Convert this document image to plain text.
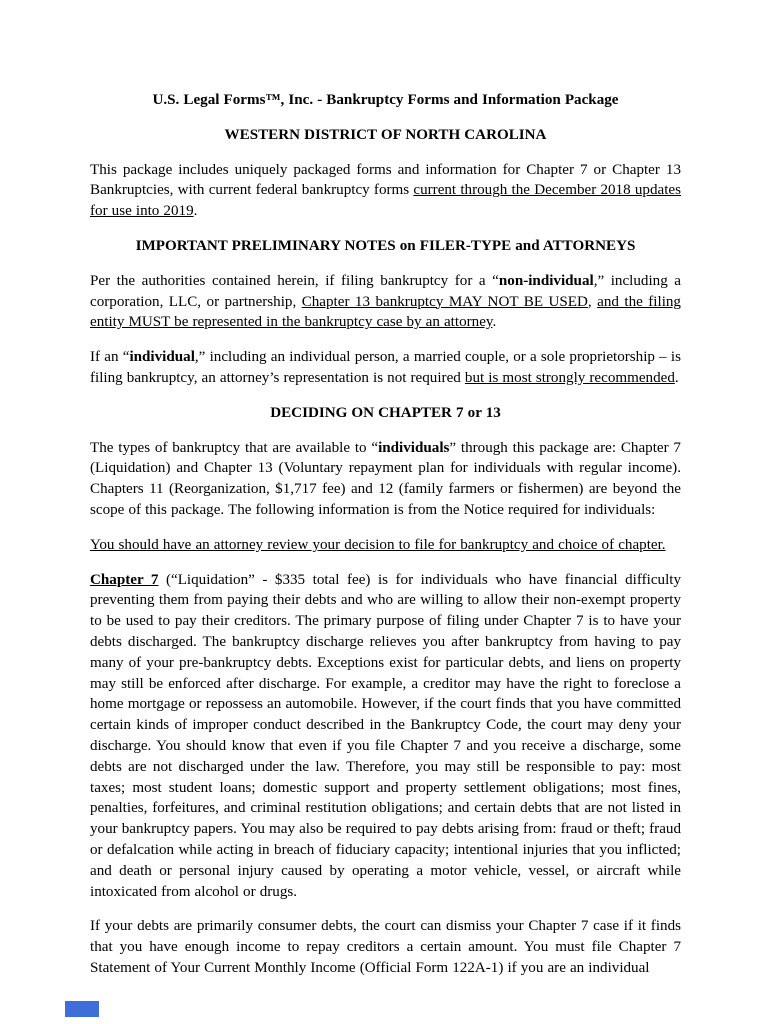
U.S. Legal Forms™, Inc. - Bankruptcy Forms and Information Package
WESTERN DISTRICT OF NORTH CAROLINA
This package includes uniquely packaged forms and information for Chapter 7 or Chapter 13 Bankruptcies, with current federal bankruptcy forms current through the December 2018 updates for use into 2019.
IMPORTANT PRELIMINARY NOTES on FILER-TYPE and ATTORNEYS
Per the authorities contained herein, if filing bankruptcy for a “non-individual,” including a corporation, LLC, or partnership, Chapter 13 bankruptcy MAY NOT BE USED, and the filing entity MUST be represented in the bankruptcy case by an attorney.
If an “individual,” including an individual person, a married couple, or a sole proprietorship – is filing bankruptcy, an attorney’s representation is not required but is most strongly recommended.
DECIDING ON CHAPTER 7 or 13
The types of bankruptcy that are available to “individuals” through this package are: Chapter 7 (Liquidation) and Chapter 13 (Voluntary repayment plan for individuals with regular income). Chapters 11 (Reorganization, $1,717 fee) and 12 (family farmers or fishermen) are beyond the scope of this package. The following information is from the Notice required for individuals:
You should have an attorney review your decision to file for bankruptcy and choice of chapter.
Chapter 7 (“Liquidation” - $335 total fee) is for individuals who have financial difficulty preventing them from paying their debts and who are willing to allow their non-exempt property to be used to pay their creditors. The primary purpose of filing under Chapter 7 is to have your debts discharged. The bankruptcy discharge relieves you after bankruptcy from having to pay many of your pre-bankruptcy debts. Exceptions exist for particular debts, and liens on property may still be enforced after discharge. For example, a creditor may have the right to foreclose a home mortgage or repossess an automobile. However, if the court finds that you have committed certain kinds of improper conduct described in the Bankruptcy Code, the court may deny your discharge. You should know that even if you file Chapter 7 and you receive a discharge, some debts are not discharged under the law. Therefore, you may still be responsible to pay: most taxes; most student loans; domestic support and property settlement obligations; most fines, penalties, forfeitures, and criminal restitution obligations; and certain debts that are not listed in your bankruptcy papers. You may also be required to pay debts arising from: fraud or theft; fraud or defalcation while acting in breach of fiduciary capacity; intentional injuries that you inflicted; and death or personal injury caused by operating a motor vehicle, vessel, or aircraft while intoxicated from alcohol or drugs.
If your debts are primarily consumer debts, the court can dismiss your Chapter 7 case if it finds that you have enough income to repay creditors a certain amount. You must file Chapter 7 Statement of Your Current Monthly Income (Official Form 122A-1) if you are an individual
